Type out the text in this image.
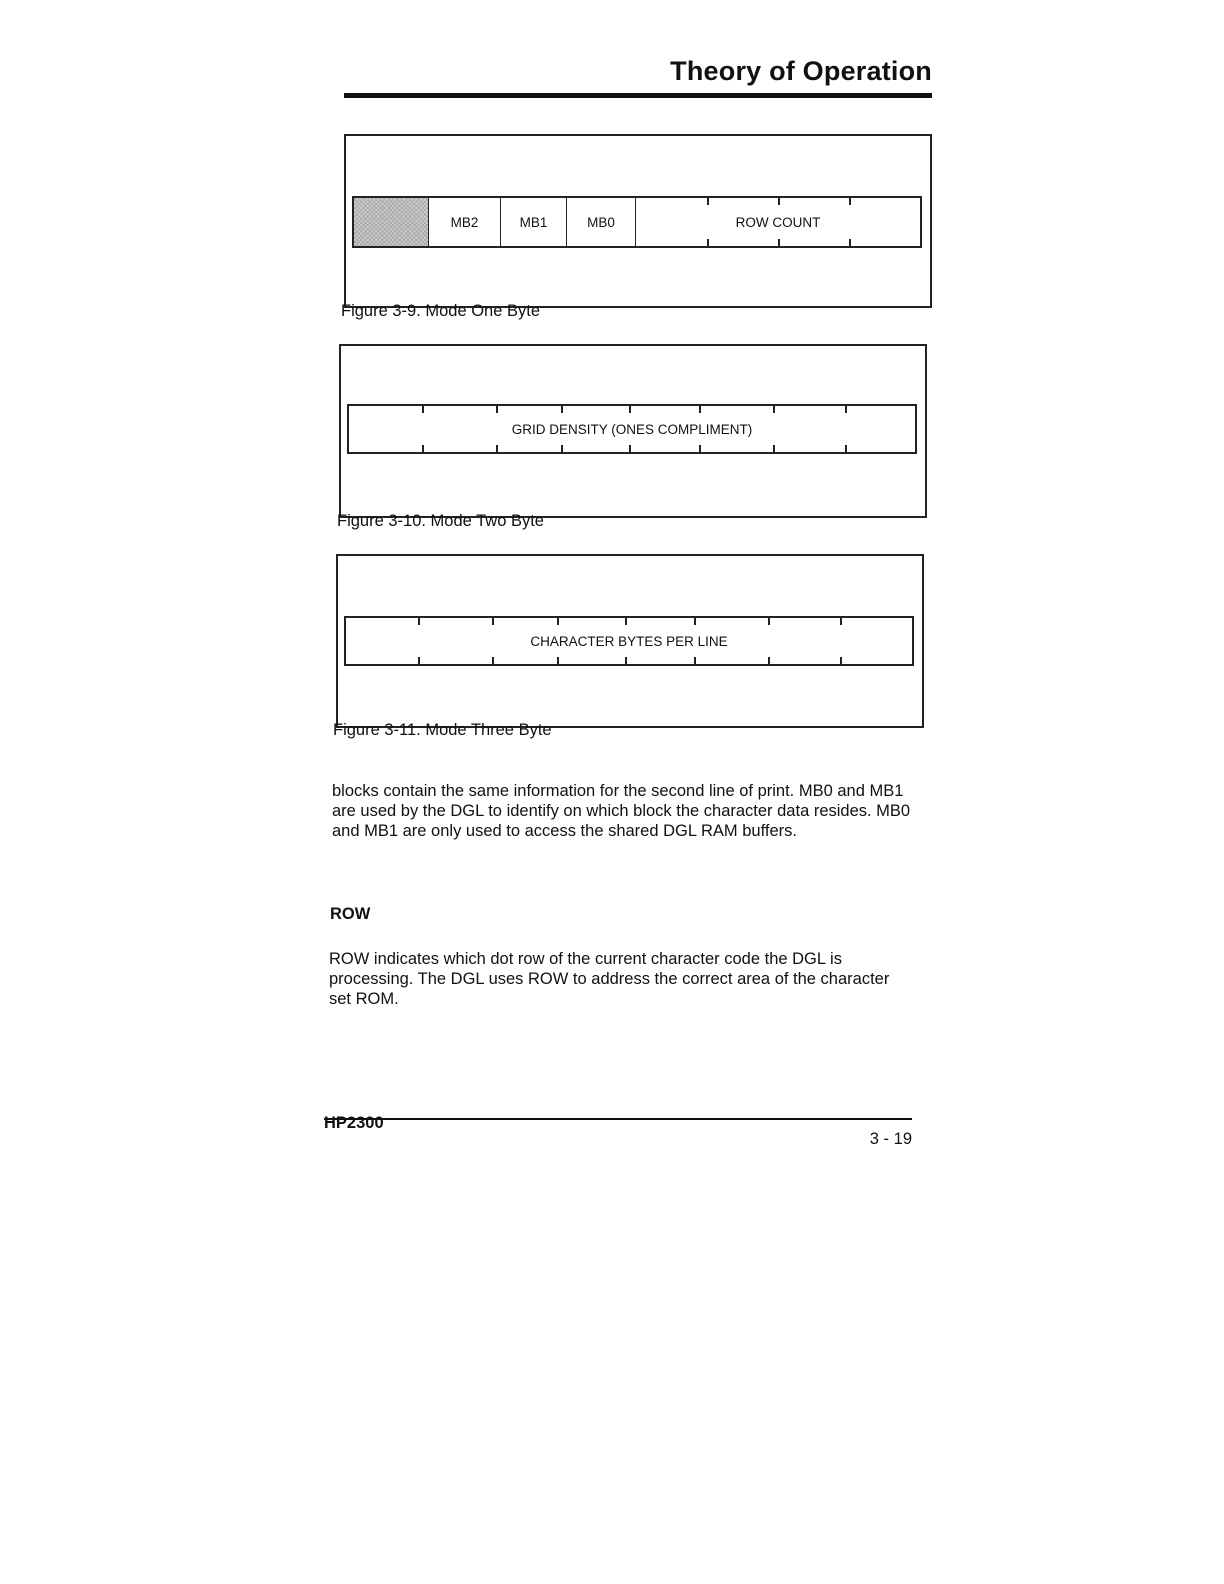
Theory of Operation
MB2	MB1	MB0	ROW COUNT
Figure 3-9. Mode One Byte
GRID DENSITY (ONES COMPLIMENT)
Figure 3-10. Mode Two Byte
CHARACTER BYTES PER LINE
Figure 3-11. Mode Three Byte
blocks contain the same information for the second line of print. MB0 and MB1 are used by the DGL to identify on which block the character data resides. MB0 and MB1 are only used to access the shared DGL RAM buffers.
ROW
ROW indicates which dot row of the current character code the DGL is processing. The DGL uses ROW to address the correct area of the character set ROM.
HP2300
3 - 19
